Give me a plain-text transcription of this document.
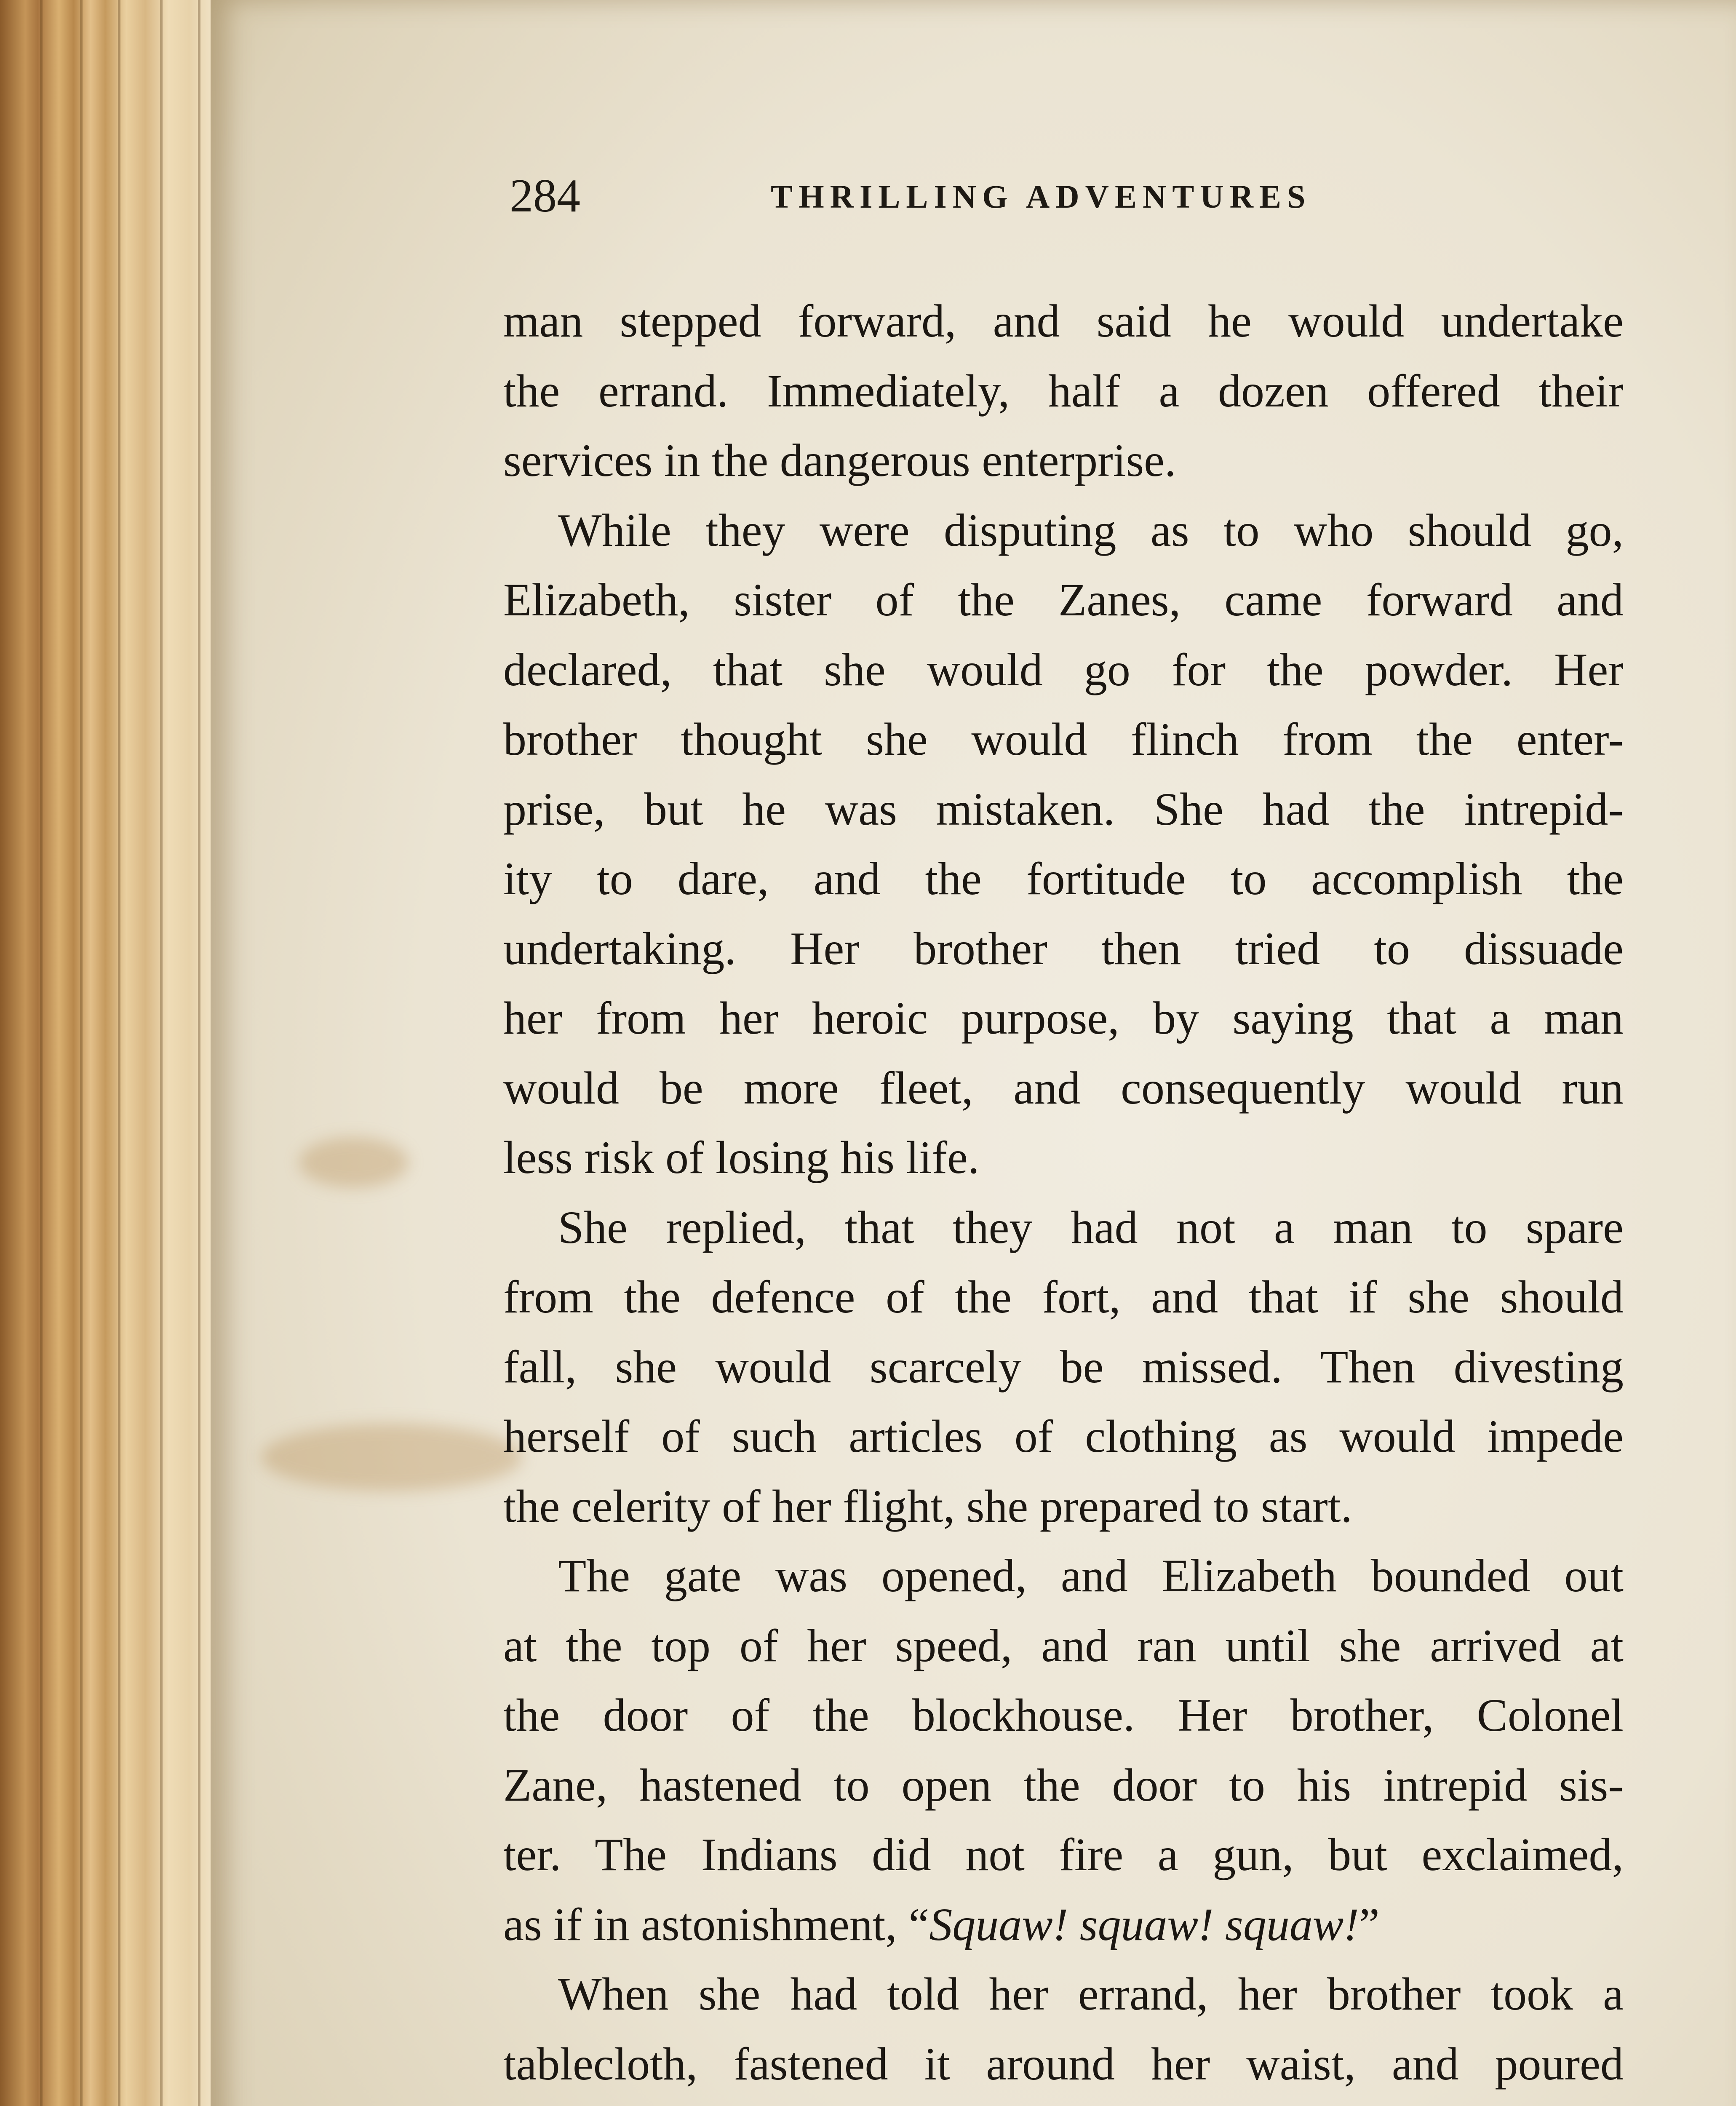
284	THRILLING ADVENTURES

man stepped forward, and said he would undertake
the errand. Immediately, half a dozen offered their
services in the dangerous enterprise.

While they were disputing as to who should go,
Elizabeth, sister of the Zanes, came forward and
declared, that she would go for the powder. Her
brother thought she would flinch from the enter-
prise, but he was mistaken. She had the intrepid-
ity to dare, and the fortitude to accomplish the
undertaking. Her brother then tried to dissuade
her from her heroic purpose, by saying that a man
would be more fleet, and consequently would run
less risk of losing his life.

She replied, that they had not a man to spare
from the defence of the fort, and that if she should
fall, she would scarcely be missed. Then divesting
herself of such articles of clothing as would impede
the celerity of her flight, she prepared to start.

The gate was opened, and Elizabeth bounded out
at the top of her speed, and ran until she arrived at
the door of the blockhouse. Her brother, Colonel
Zane, hastened to open the door to his intrepid sis-
ter. The Indians did not fire a gun, but exclaimed,
as if in astonishment, “Squaw! squaw! squaw!”

When she had told her errand, her brother took a
tablecloth, fastened it around her waist, and poured
